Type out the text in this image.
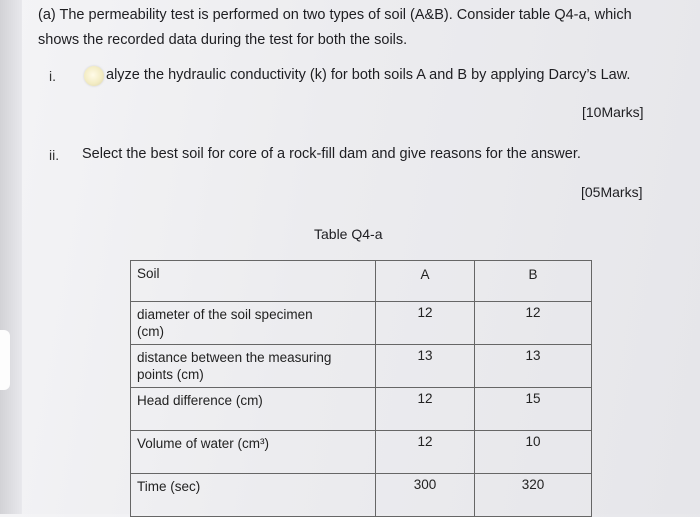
(a) The permeability test is performed on two types of soil (A&B). Consider table Q4-a, which
shows the recorded data during the test for both the soils.
i.	alyze the hydraulic conductivity (k) for both soils A and B by applying Darcy’s Law.
[10Marks]
ii. Select the best soil for core of a rock-fill dam and give reasons for the answer.
[05Marks]
Table Q4-a
Soil	A	B
diameter of the soil specimen
(cm)	12	12
distance between the measuring
points (cm)	13	13
Head difference (cm)	12	15
Volume of water (cm³)	12	10
Time (sec)	300	320
